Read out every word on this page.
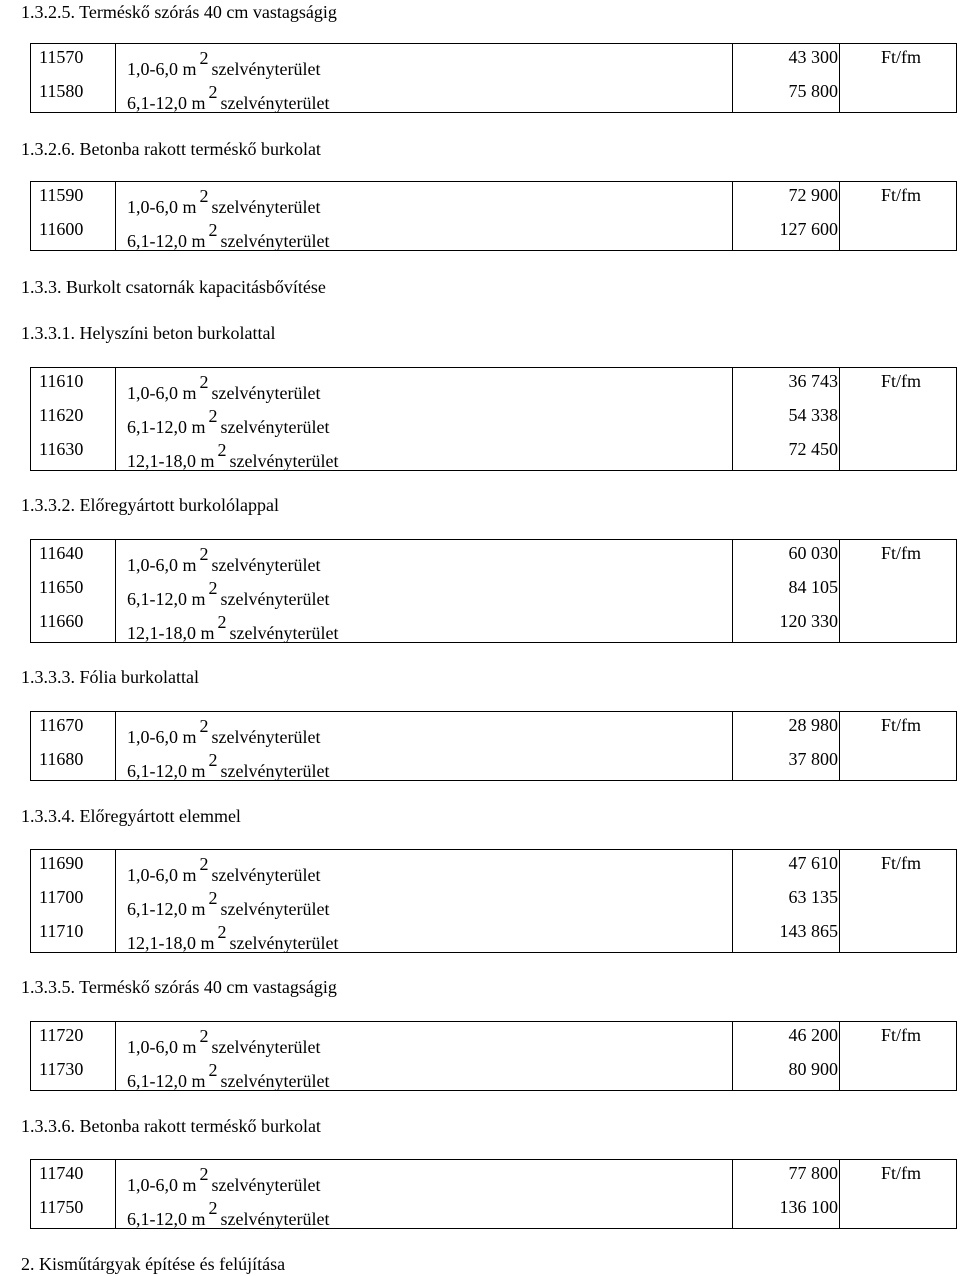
1.3.2.5. Terméskő szórás 40 cm vastagságig
11570
1,0-6,0 $m^2szelvényterület$
43 300 Ft/fm
11580
6,1-12,0 $m^2szelvényterület$
75 800
1.3.2.6. Betonba rakott terméskő burkolat
11590
1,0-6,0 $m^2szelvényterület$
72 900 Ft/fm
11600
6,1-12,0 $m^2szelvényterület$
127 600
1.3.3. Burkolt csatornák kapacitásbővítése
1.3.3.1. Helyszíni beton burkolattal
11610
1,0-6,0 $m^2szelvényterület$
36 743 Ft/fm
11620
6,1-12,0 $m^2szelvényterület$
54 338
11630
12,1-18,0 $m^2szelvényterület$
72 450
1.3.3.2. Előregyártott burkolólappal
11640
1,0-6,0 $m^2szelvényterület$
60 030 Ft/fm
11650
6,1-12,0 $m^2szelvényterület$
84 105
11660
12,1-18,0 $m^2szelvényterület$
120 330
1.3.3.3. Fólia burkolattal
11670
1,0-6,0 $m^2szelvényterület$
28 980 Ft/fm
11680
6,1-12,0 $m^2szelvényterület$
37 800
1.3.3.4. Előregyártott elemmel
11690
1,0-6,0 $m^2szelvényterület$
47 610 Ft/fm
11700
6,1-12,0 $m^2szelvényterület$
63 135
11710
12,1-18,0 $m^2szelvényterület$
143 865
1.3.3.5. Terméskő szórás 40 cm vastagságig
11720
1,0-6,0 $m^2szelvényterület$
46 200 Ft/fm
11730
6,1-12,0 $m^2szelvényterület$
80 900
1.3.3.6. Betonba rakott terméskő burkolat
11740
1,0-6,0 $m^2szelvényterület$
77 800 Ft/fm
11750
6,1-12,0 $m^2szelvényterület$
136 100
2. Kisműtárgyak építése és felújítása
